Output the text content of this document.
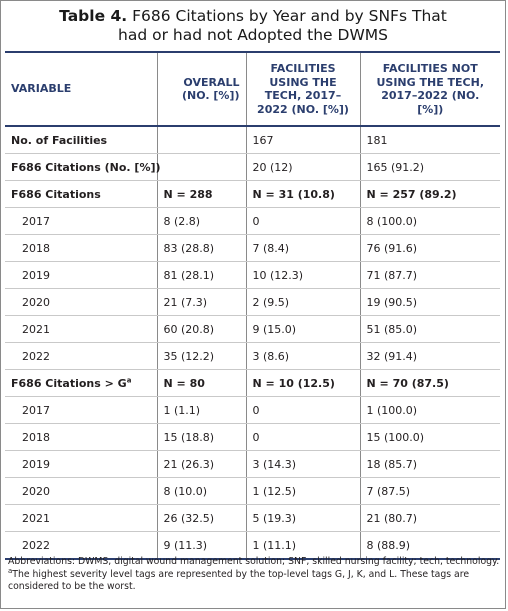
Table 4. F686 Citations by Year and by SNFs That
had or had not Adopted the DWMS
VARIABLE	OVERALL (NO. [%])	FACILITIES USING THE TECH, 2017–2022 (NO. [%])	FACILITIES NOT USING THE TECH, 2017–2022 (NO. [%])
No. of Facilities		167	181
F686 Citations (No. [%])		20 (12)	165 (91.2)
F686 Citations	N = 288	N = 31 (10.8)	N = 257 (89.2)
2017	8 (2.8)	0	8 (100.0)
2018	83 (28.8)	7 (8.4)	76 (91.6)
2019	81 (28.1)	10 (12.3)	71 (87.7)
2020	21 (7.3)	2 (9.5)	19 (90.5)
2021	60 (20.8)	9 (15.0)	51 (85.0)
2022	35 (12.2)	3 (8.6)	32 (91.4)
F686 Citations > $G^a$	N = 80	N = 10 (12.5)	N = 70 (87.5)
2017	1 (1.1)	0	1 (100.0)
2018	15 (18.8)	0	15 (100.0)
2019	21 (26.3)	3 (14.3)	18 (85.7)
2020	8 (10.0)	1 (12.5)	7 (87.5)
2021	26 (32.5)	5 (19.3)	21 (80.7)
2022	9 (11.3)	1 (11.1)	8 (88.9)

Abbreviations: DWMS, digital wound management solution; SNF, skilled nursing facility; tech, technology.

$^a$The highest severity level tags are represented by the top-level tags G, J, K, and L. These tags are considered to be the worst.
